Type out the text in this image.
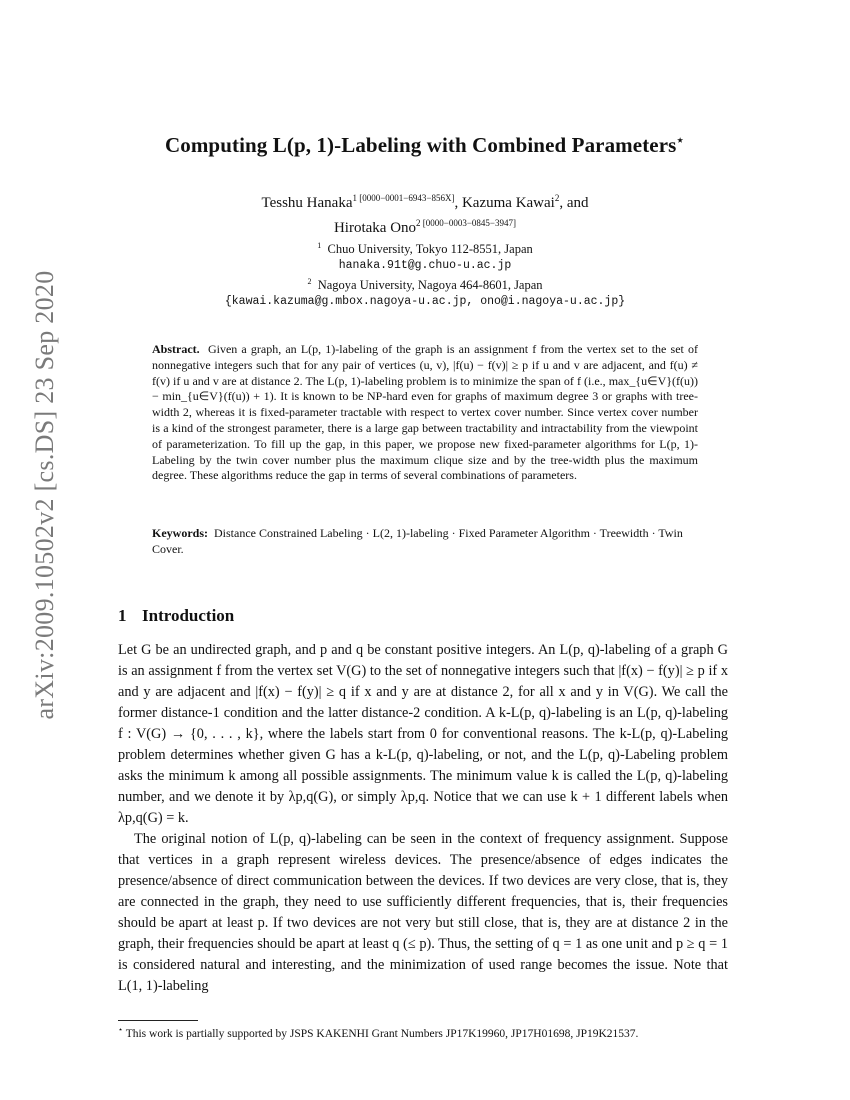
arXiv:2009.10502v2 [cs.DS] 23 Sep 2020
Computing L(p, 1)-Labeling with Combined Parameters⋆
Tesshu Hanaka$^{1 [0000-0001-6943-856X]}$, Kazuma Kawai$^2$, and
Hirotaka Ono$^{2 [0000-0003-0845-3947]}$
$^1$ Chuo University, Tokyo 112-8551, Japan
hanaka.91t@g.chuo-u.ac.jp
$^2$ Nagoya University, Nagoya 464-8601, Japan
{kawai.kazuma@g.mbox.nagoya-u.ac.jp, ono@i.nagoya-u.ac.jp}
Abstract. Given a graph, an L(p, 1)-labeling of the graph is an assignment f from the vertex set to the set of nonnegative integers such that for any pair of vertices (u, v), |f(u) − f(v)| ≥ p if u and v are adjacent, and f(u) ≠ f(v) if u and v are at distance 2. The L(p, 1)-labeling problem is to minimize the span of f (i.e., max_{u∈V}(f(u)) − min_{u∈V}(f(u)) + 1). It is known to be NP-hard even for graphs of maximum degree 3 or graphs with tree-width 2, whereas it is fixed-parameter tractable with respect to vertex cover number. Since vertex cover number is a kind of the strongest parameter, there is a large gap between tractability and intractability from the viewpoint of parameterization. To fill up the gap, in this paper, we propose new fixed-parameter algorithms for L(p, 1)-Labeling by the twin cover number plus the maximum clique size and by the tree-width plus the maximum degree. These algorithms reduce the gap in terms of several combinations of parameters.
Keywords: Distance Constrained Labeling · L(2, 1)-labeling · Fixed Parameter Algorithm · Treewidth · Twin Cover.
1 Introduction

Let G be an undirected graph, and p and q be constant positive integers. An L(p, q)-labeling of a graph G is an assignment f from the vertex set V(G) to the set of nonnegative integers such that |f(x) − f(y)| ≥ p if x and y are adjacent and |f(x) − f(y)| ≥ q if x and y are at distance 2, for all x and y in V(G). We call the former distance-1 condition and the latter distance-2 condition. A k-L(p, q)-labeling is an L(p, q)-labeling f : V(G) → {0, . . . , k}, where the labels start from 0 for conventional reasons. The k-L(p, q)-Labeling problem determines whether given G has a k-L(p, q)-labeling, or not, and the L(p, q)-Labeling problem asks the minimum k among all possible assignments. The minimum value k is called the L(p, q)-labeling number, and we denote it by λp,q(G), or simply λp,q. Notice that we can use k + 1 different labels when λp,q(G) = k.

The original notion of L(p, q)-labeling can be seen in the context of frequency assignment. Suppose that vertices in a graph represent wireless devices. The presence/absence of edges indicates the presence/absence of direct communication between the devices. If two devices are very close, that is, they are connected in the graph, they need to use sufficiently different frequencies, that is, their frequencies should be apart at least p. If two devices are not very but still close, that is, they are at distance 2 in the graph, their frequencies should be apart at least q (≤ p). Thus, the setting of q = 1 as one unit and p ≥ q = 1 is considered natural and interesting, and the minimization of used range becomes the issue. Note that L(1, 1)-labeling

⋆ This work is partially supported by JSPS KAKENHI Grant Numbers JP17K19960, JP17H01698, JP19K21537.
